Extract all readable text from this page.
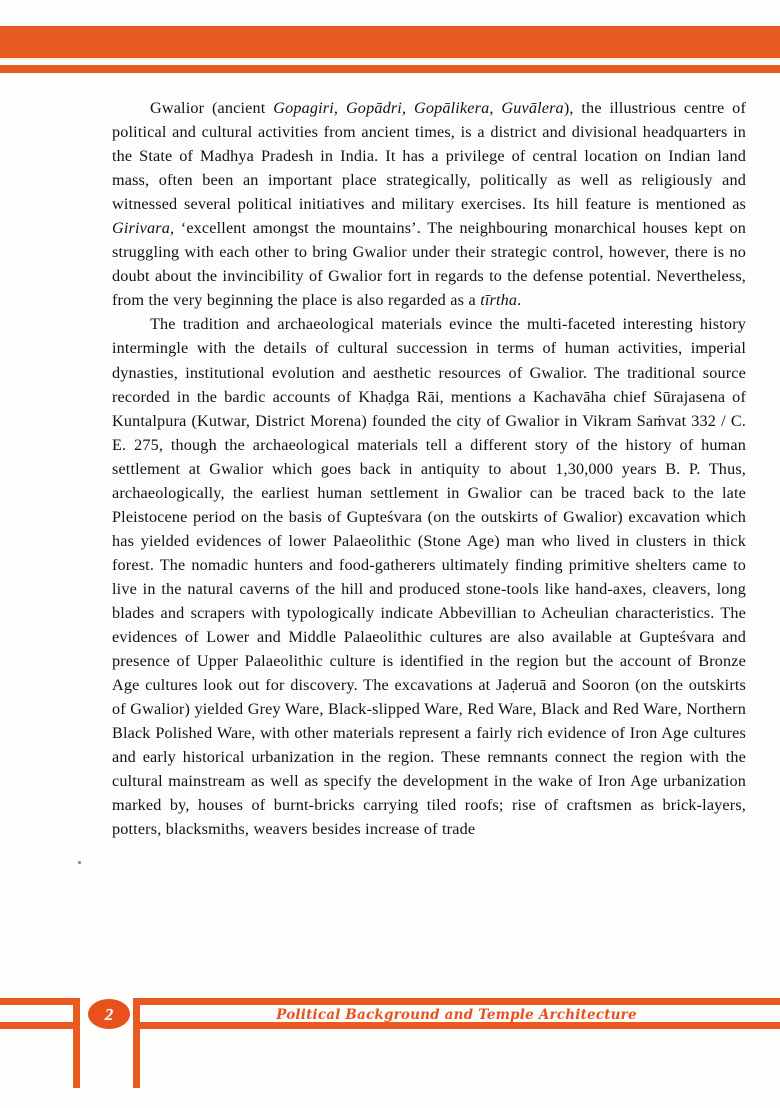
Gwalior (ancient Gopagiri, Gopādri, Gopālikera, Guvālera), the illustrious centre of political and cultural activities from ancient times, is a district and divisional headquarters in the State of Madhya Pradesh in India. It has a privilege of central location on Indian land mass, often been an important place strategically, politically as well as religiously and witnessed several political initiatives and military exercises. Its hill feature is mentioned as Girivara, ‘excellent amongst the mountains’. The neighbouring monarchical houses kept on struggling with each other to bring Gwalior under their strategic control, however, there is no doubt about the invincibility of Gwalior fort in regards to the defense potential. Nevertheless, from the very beginning the place is also regarded as a tīrtha.

The tradition and archaeological materials evince the multi-faceted interesting history intermingle with the details of cultural succession in terms of human activities, imperial dynasties, institutional evolution and aesthetic resources of Gwalior. The traditional source recorded in the bardic accounts of Khaḍga Rāi, mentions a Kachavāha chief Sūrajasena of Kuntalpura (Kutwar, District Morena) founded the city of Gwalior in Vikram Saṁvat 332 / C. E. 275, though the archaeological materials tell a different story of the history of human settlement at Gwalior which goes back in antiquity to about 1,30,000 years B. P. Thus, archaeologically, the earliest human settlement in Gwalior can be traced back to the late Pleistocene period on the basis of Gupteśvara (on the outskirts of Gwalior) excavation which has yielded evidences of lower Palaeolithic (Stone Age) man who lived in clusters in thick forest. The nomadic hunters and food-gatherers ultimately finding primitive shelters came to live in the natural caverns of the hill and produced stone-tools like hand-axes, cleavers, long blades and scrapers with typologically indicate Abbevillian to Acheulian characteristics. The evidences of Lower and Middle Palaeolithic cultures are also available at Gupteśvara and presence of Upper Palaeolithic culture is identified in the region but the account of Bronze Age cultures look out for discovery. The excavations at Jaḍeruā and Sooron (on the outskirts of Gwalior) yielded Grey Ware, Black-slipped Ware, Red Ware, Black and Red Ware, Northern Black Polished Ware, with other materials represent a fairly rich evidence of Iron Age cultures and early historical urbanization in the region. These remnants connect the region with the cultural mainstream as well as specify the development in the wake of Iron Age urbanization marked by, houses of burnt-bricks carrying tiled roofs; rise of craftsmen as brick-layers, potters, blacksmiths, weavers besides increase of trade

2	Political Background and Temple Architecture
